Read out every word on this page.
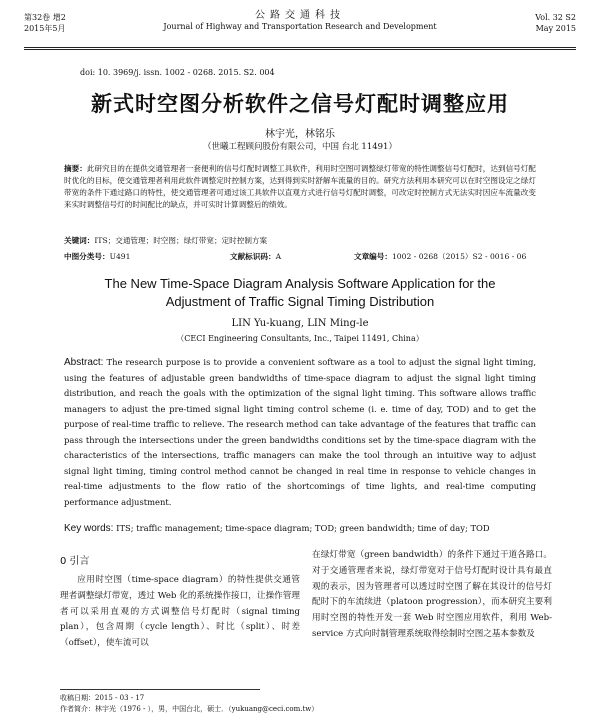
第32卷 增2
2015年5月
公路交通科技
Journal of Highway and Transportation Research and Development
Vol. 32 S2
May 2015
doi: 10. 3969/j. issn. 1002 - 0268. 2015. S2. 004
新式时空图分析软件之信号灯配时调整应用
林宇光，林铭乐
（世曦工程顾问股份有限公司，中国 台北 11491）
摘要：此研究目的在提供交通管理者一套便利的信号灯配时调整工具软件，利用时空图可调整绿灯带宽的特性调整信号灯配时，达到信号灯配时优化的目标，使交通管理者利用此软件调整定时控制方案，达到得到实时舒解车流量的目的。研究方法利用本研究可以在时空图设定之绿灯带宽的条件下通过路口的特性，使交通管理者可通过该工具软件以直观方式进行信号灯配时调整，可改定时控制方式无法实时因应车流量改变来实时调整信号灯的时间配比的缺点，并可实时计算调整后的绩效。
关键词：ITS；交通管理；时空图；绿灯带宽；定时控制方案
中图分类号：U491	文献标识码：A	文章编号：1002 - 0268（2015）S2 - 0016 - 06
The New Time-Space Diagram Analysis Software Application for the Adjustment of Traffic Signal Timing Distribution
LIN Yu-kuang, LIN Ming-le
（CECI Engineering Consultants, Inc., Taipei 11491, China）
Abstract: The research purpose is to provide a convenient software as a tool to adjust the signal light timing, using the features of adjustable green bandwidths of time-space diagram to adjust the signal light timing distribution, and reach the goals with the optimization of the signal light timing. This software allows traffic managers to adjust the pre-timed signal light timing control scheme (i. e. time of day, TOD) and to get the purpose of real-time traffic to relieve. The research method can take advantage of the features that traffic can pass through the intersections under the green bandwidths conditions set by the time-space diagram with the characteristics of the intersections, traffic managers can make the tool through an intuitive way to adjust signal light timing, timing control method cannot be changed in real time in response to vehicle changes in real-time adjustments to the flow ratio of the shortcomings of time lights, and real-time computing performance adjustment.
Key words: ITS; traffic management; time-space diagram; TOD; green bandwidth; time of day; TOD
0 引言
应用时空图（time-space diagram）的特性提供交通管理者调整绿灯带宽，透过 Web 化的系统操作接口，让操作管理者可以采用直观的方式调整信号灯配时（signal timing plan），包含周期（cycle length）、时比（split）、时差（offset），使车流可以
在绿灯带宽（green bandwidth）的条件下通过干道各路口。对于交通管理者来说，绿灯带宽对于信号灯配时设计具有最直观的表示，因为管理者可以透过时空图了解在其设计的信号灯配时下的车流续进（platoon progression），而本研究主要利用时空图的特性开发一套 Web 时空图应用软件，利用 Web-service 方式向时制管理系统取得绘制时空图之基本参数及
收稿日期：2015 - 03 - 17
作者简介：林宇光（1976 - ），男，中国台北，硕士．（yukuang@ceci.com.tw）
